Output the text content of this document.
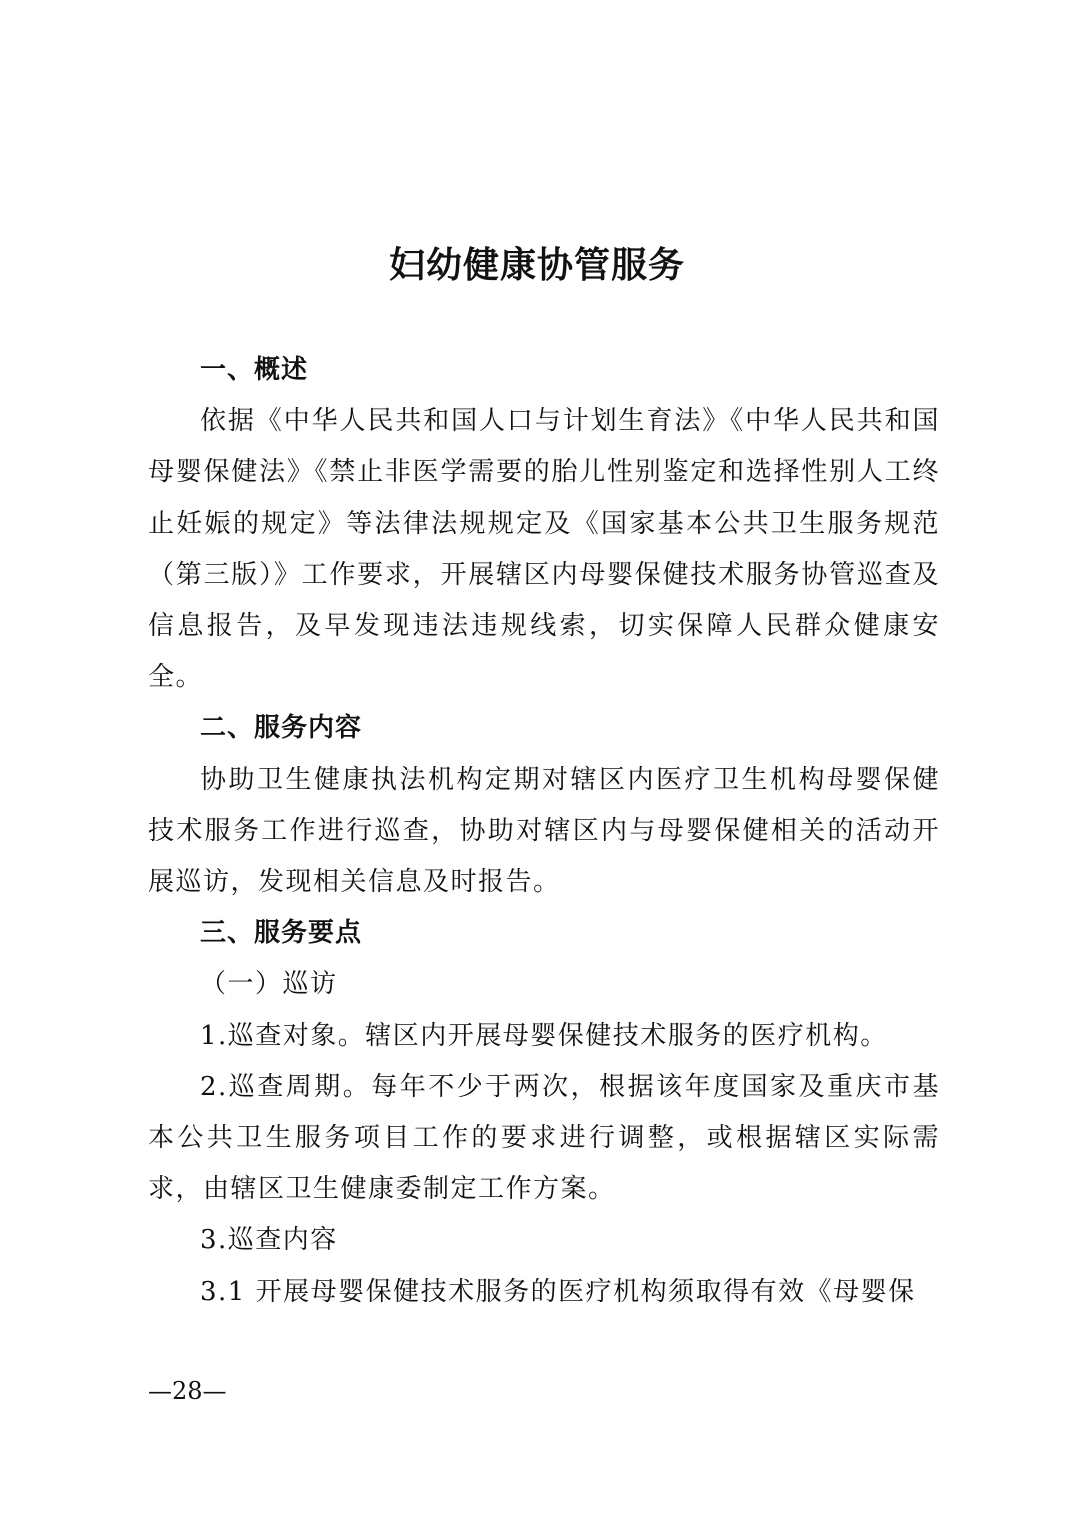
妇幼健康协管服务

一、概述

依据《中华人民共和国人口与计划生育法》《中华人民共和国母婴保健法》《禁止非医学需要的胎儿性别鉴定和选择性别人工终止妊娠的规定》等法律法规规定及《国家基本公共卫生服务规范（第三版）》工作要求，开展辖区内母婴保健技术服务协管巡查及信息报告，及早发现违法违规线索，切实保障人民群众健康安全。

二、服务内容

协助卫生健康执法机构定期对辖区内医疗卫生机构母婴保健技术服务工作进行巡查，协助对辖区内与母婴保健相关的活动开展巡访，发现相关信息及时报告。

三、服务要点

（一）巡访

1.巡查对象。辖区内开展母婴保健技术服务的医疗机构。

2.巡查周期。每年不少于两次，根据该年度国家及重庆市基本公共卫生服务项目工作的要求进行调整，或根据辖区实际需求，由辖区卫生健康委制定工作方案。

3.巡查内容

3.1 开展母婴保健技术服务的医疗机构须取得有效《母婴保

—28—
